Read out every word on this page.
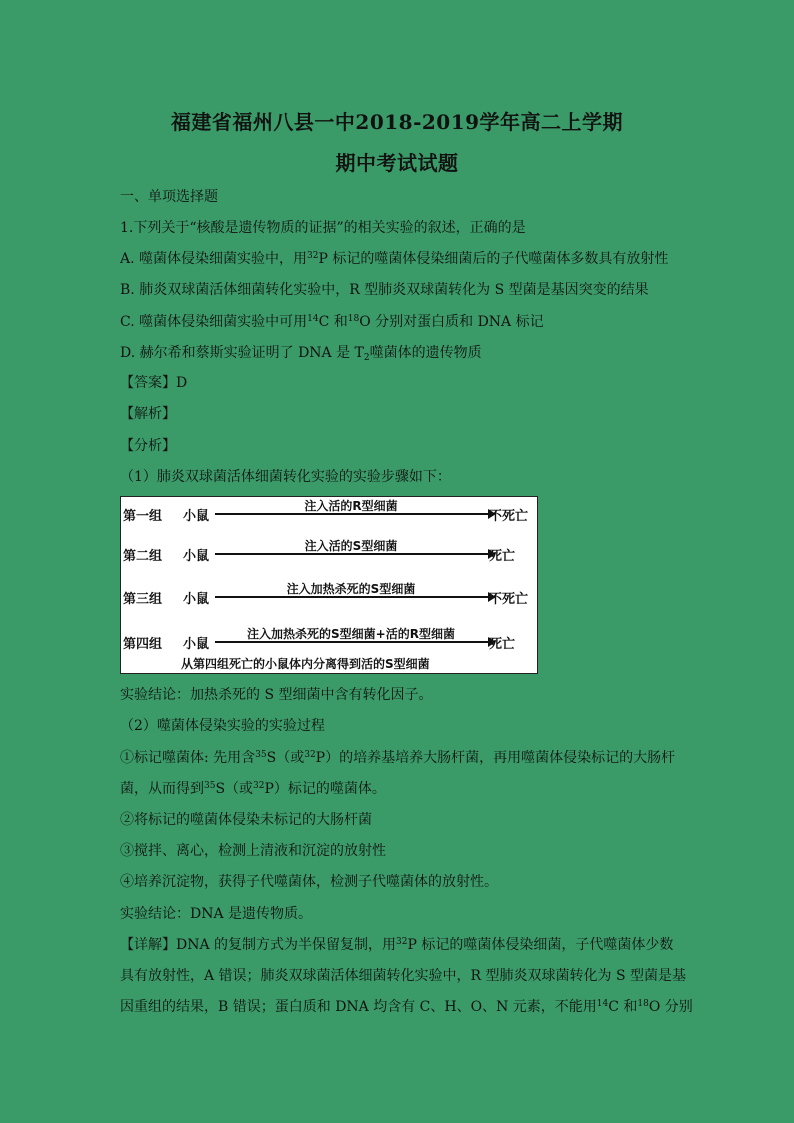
福建省福州八县一中2018-2019学年高二上学期
期中考试试题
一、单项选择题
1.下列关于“核酸是遗传物质的证据”的相关实验的叙述，正确的是
A. 噬菌体侵染细菌实验中，用$^{32}$P 标记的噬菌体侵染细菌后的子代噬菌体多数具有放射性
B. 肺炎双球菌活体细菌转化实验中，R 型肺炎双球菌转化为 S 型菌是基因突变的结果
C. 噬菌体侵染细菌实验中可用$^{14}$C 和$^{18}$O 分别对蛋白质和 DNA 标记
D. 赫尔希和蔡斯实验证明了 DNA 是 $T_2$噬菌体的遗传物质
【答案】D
【解析】
【分析】
（1）肺炎双球菌活体细菌转化实验的实验步骤如下：
第一组 小鼠
注入活的R型细菌
不死亡
第二组 小鼠
注入活的S型细菌
死亡
第三组 小鼠
注入加热杀死的S型细菌
不死亡
第四组 小鼠
注入加热杀死的S型细菌+活的R型细菌
死亡
从第四组死亡的小鼠体内分离得到活的S型细菌
实验结论：加热杀死的 S 型细菌中含有转化因子。
（2）噬菌体侵染实验的实验过程
①标记噬菌体: 先用含$^{35}$S（或$^{32}$P）的培养基培养大肠杆菌，再用噬菌体侵染标记的大肠杆
菌，从而得到$^{35}$S（或$^{32}$P）标记的噬菌体。
②将标记的噬菌体侵染未标记的大肠杆菌
③搅拌、离心，检测上清液和沉淀的放射性
④培养沉淀物，获得子代噬菌体，检测子代噬菌体的放射性。
实验结论：DNA 是遗传物质。
【详解】DNA 的复制方式为半保留复制，用$^{32}$P 标记的噬菌体侵染细菌，子代噬菌体少数
具有放射性，A 错误；肺炎双球菌活体细菌转化实验中，R 型肺炎双球菌转化为 S 型菌是基
因重组的结果，B 错误；蛋白质和 DNA 均含有 C、H、O、N 元素，不能用$^{14}$C 和$^{18}$O 分别
